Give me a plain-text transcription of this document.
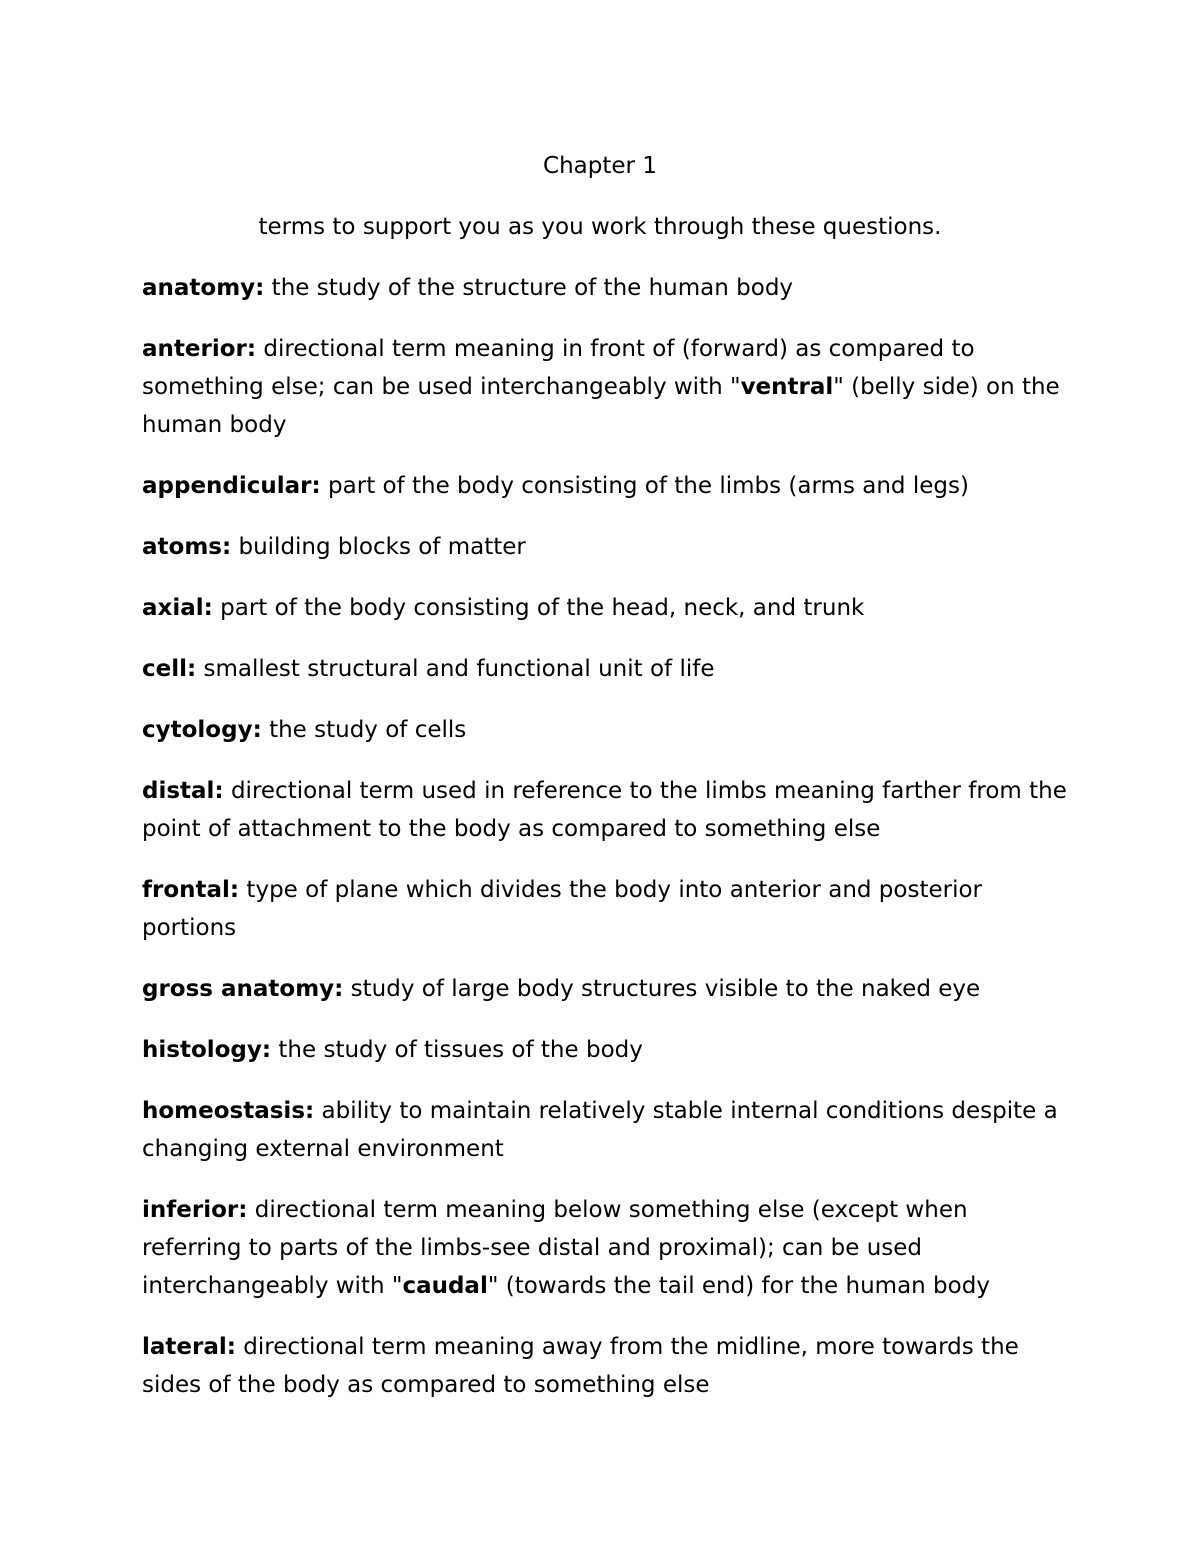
Chapter 1

terms to support you as you work through these questions.

anatomy: the study of the structure of the human body

anterior: directional term meaning in front of (forward) as compared to something else; can be used interchangeably with "ventral" (belly side) on the human body

appendicular: part of the body consisting of the limbs (arms and legs)

atoms: building blocks of matter

axial: part of the body consisting of the head, neck, and trunk

cell: smallest structural and functional unit of life

cytology: the study of cells

distal: directional term used in reference to the limbs meaning farther from the point of attachment to the body as compared to something else

frontal: type of plane which divides the body into anterior and posterior portions

gross anatomy: study of large body structures visible to the naked eye

histology: the study of tissues of the body

homeostasis: ability to maintain relatively stable internal conditions despite a changing external environment

inferior: directional term meaning below something else (except when referring to parts of the limbs-see distal and proximal); can be used interchangeably with "caudal" (towards the tail end) for the human body

lateral: directional term meaning away from the midline, more towards the sides of the body as compared to something else
